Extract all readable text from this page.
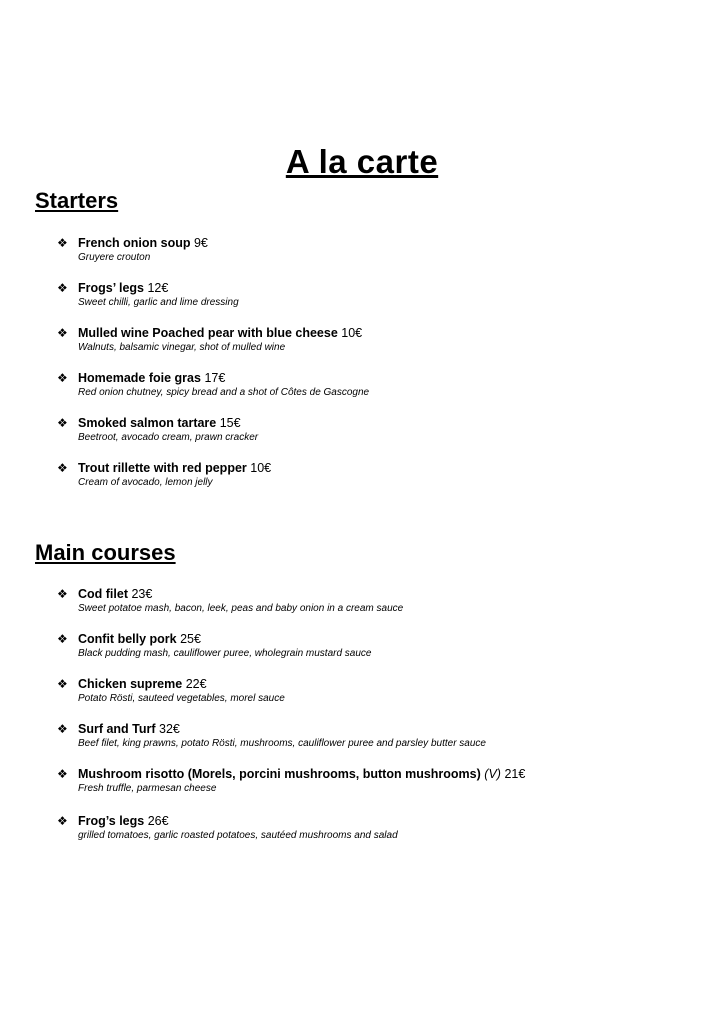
A la carte
Starters
❖ French onion soup 9€
Gruyere crouton
❖ Frogs’ legs 12€
Sweet chilli, garlic and lime dressing
❖ Mulled wine Poached pear with blue cheese 10€
Walnuts, balsamic vinegar, shot of mulled wine
❖ Homemade foie gras 17€
Red onion chutney, spicy bread and a shot of Côtes de Gascogne
❖ Smoked salmon tartare 15€
Beetroot, avocado cream, prawn cracker
❖ Trout rillette with red pepper 10€
Cream of avocado, lemon jelly
Main courses
❖ Cod filet 23€
Sweet potatoe mash, bacon, leek, peas and baby onion in a cream sauce
❖ Confit belly pork 25€
Black pudding mash, cauliflower puree, wholegrain mustard sauce
❖ Chicken supreme 22€
Potato Rösti, sauteed vegetables, morel sauce
❖ Surf and Turf 32€
Beef filet, king prawns, potato Rösti, mushrooms, cauliflower puree and parsley butter sauce
❖ Mushroom risotto (Morels, porcini mushrooms, button mushrooms) (V) 21€
Fresh truffle, parmesan cheese
❖ Frog’s legs 26€
grilled tomatoes, garlic roasted potatoes, sautéed mushrooms and salad
